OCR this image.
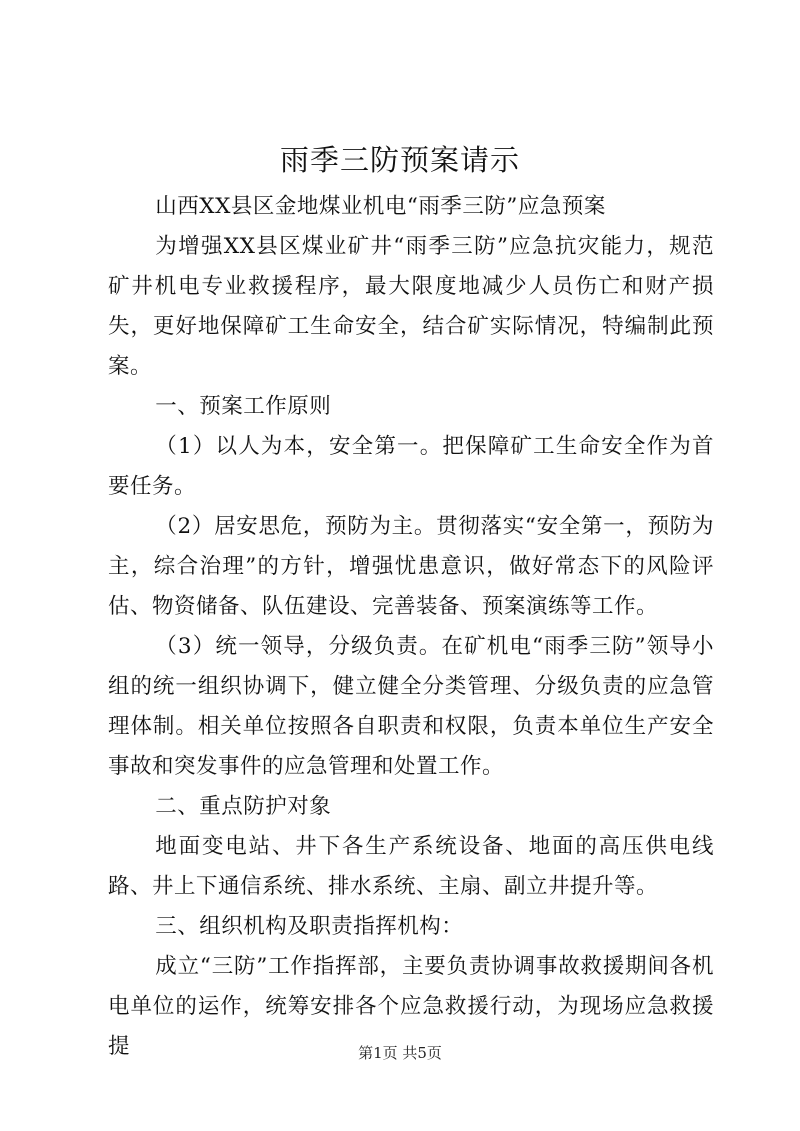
雨季三防预案请示

山西XX县区金地煤业机电“雨季三防”应急预案

为增强XX县区煤业矿井“雨季三防”应急抗灾能力，规范矿井机电专业救援程序，最大限度地减少人员伤亡和财产损失，更好地保障矿工生命安全，结合矿实际情况，特编制此预案。

一、预案工作原则

（1）以人为本，安全第一。把保障矿工生命安全作为首要任务。

（2）居安思危，预防为主。贯彻落实“安全第一，预防为主，综合治理”的方针，增强忧患意识，做好常态下的风险评估、物资储备、队伍建设、完善装备、预案演练等工作。

（3）统一领导，分级负责。在矿机电“雨季三防”领导小组的统一组织协调下，健立健全分类管理、分级负责的应急管理体制。相关单位按照各自职责和权限，负责本单位生产安全事故和突发事件的应急管理和处置工作。

二、重点防护对象

地面变电站、井下各生产系统设备、地面的高压供电线路、井上下通信系统、排水系统、主扇、副立井提升等。

三、组织机构及职责指挥机构：

成立“三防”工作指挥部，主要负责协调事故救援期间各机电单位的运作，统筹安排各个应急救援行动，为现场应急救援提	第1页 共5页
